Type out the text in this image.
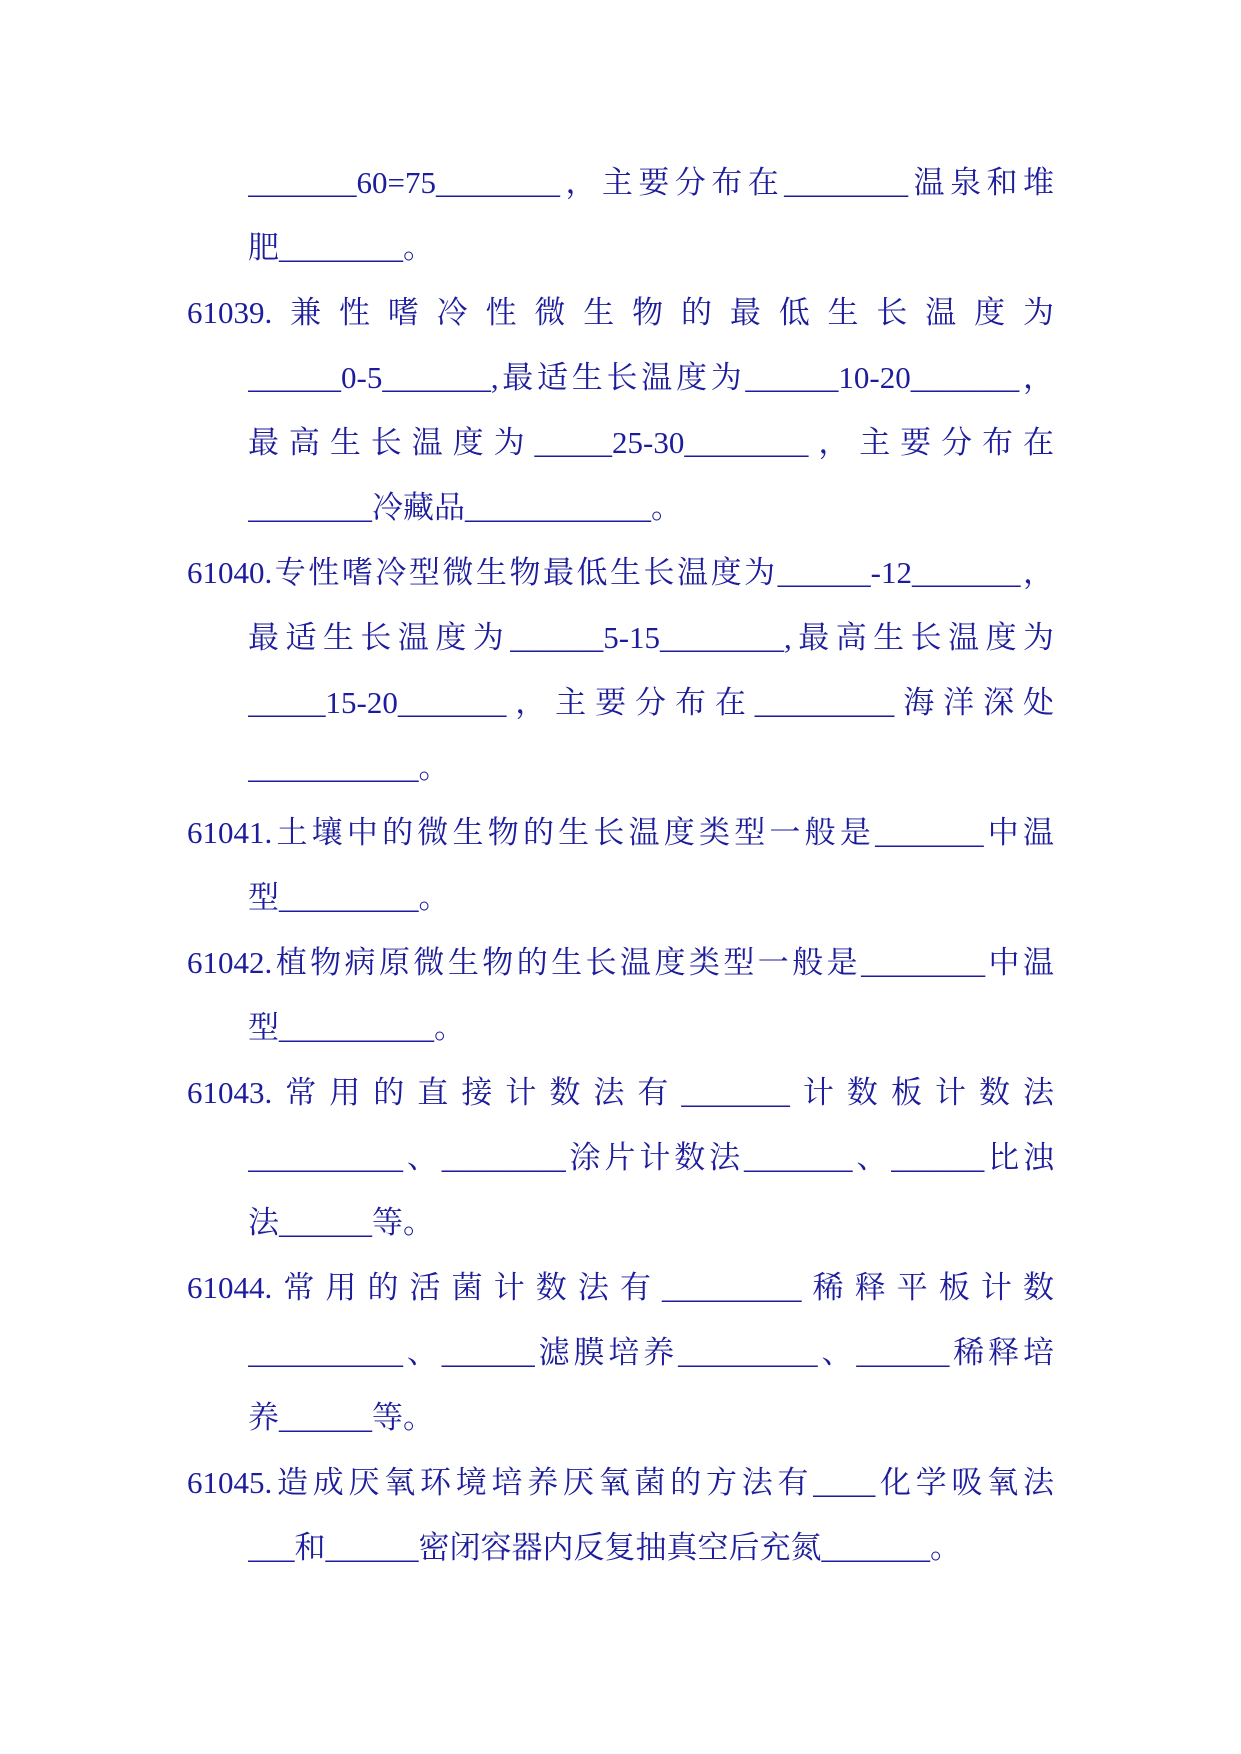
_______60=75________，主要分布在________温泉和堆
肥________。
61039.兼性嗜冷性微生物的最低生长温度为
______0-5_______,最适生长温度为______10-20_______，
最高生长温度为_____25-30________，主要分布在
________冷藏品____________。
61040.专性嗜冷型微生物最低生长温度为______-12_______，
最适生长温度为______5-15________,最高生长温度为
_____15-20_______，主要分布在_________海洋深处
___________。
61041.土壤中的微生物的生长温度类型一般是_______中温
型_________。
61042.植物病原微生物的生长温度类型一般是________中温
型__________。
61043.常用的直接计数法有_______计数板计数法
__________、________涂片计数法_______、______比浊
法______等。
61044.常用的活菌计数法有_________稀释平板计数
__________、______滤膜培养_________、______稀释培
养______等。
61045.造成厌氧环境培养厌氧菌的方法有____化学吸氧法
___和______密闭容器内反复抽真空后充氮_______。
